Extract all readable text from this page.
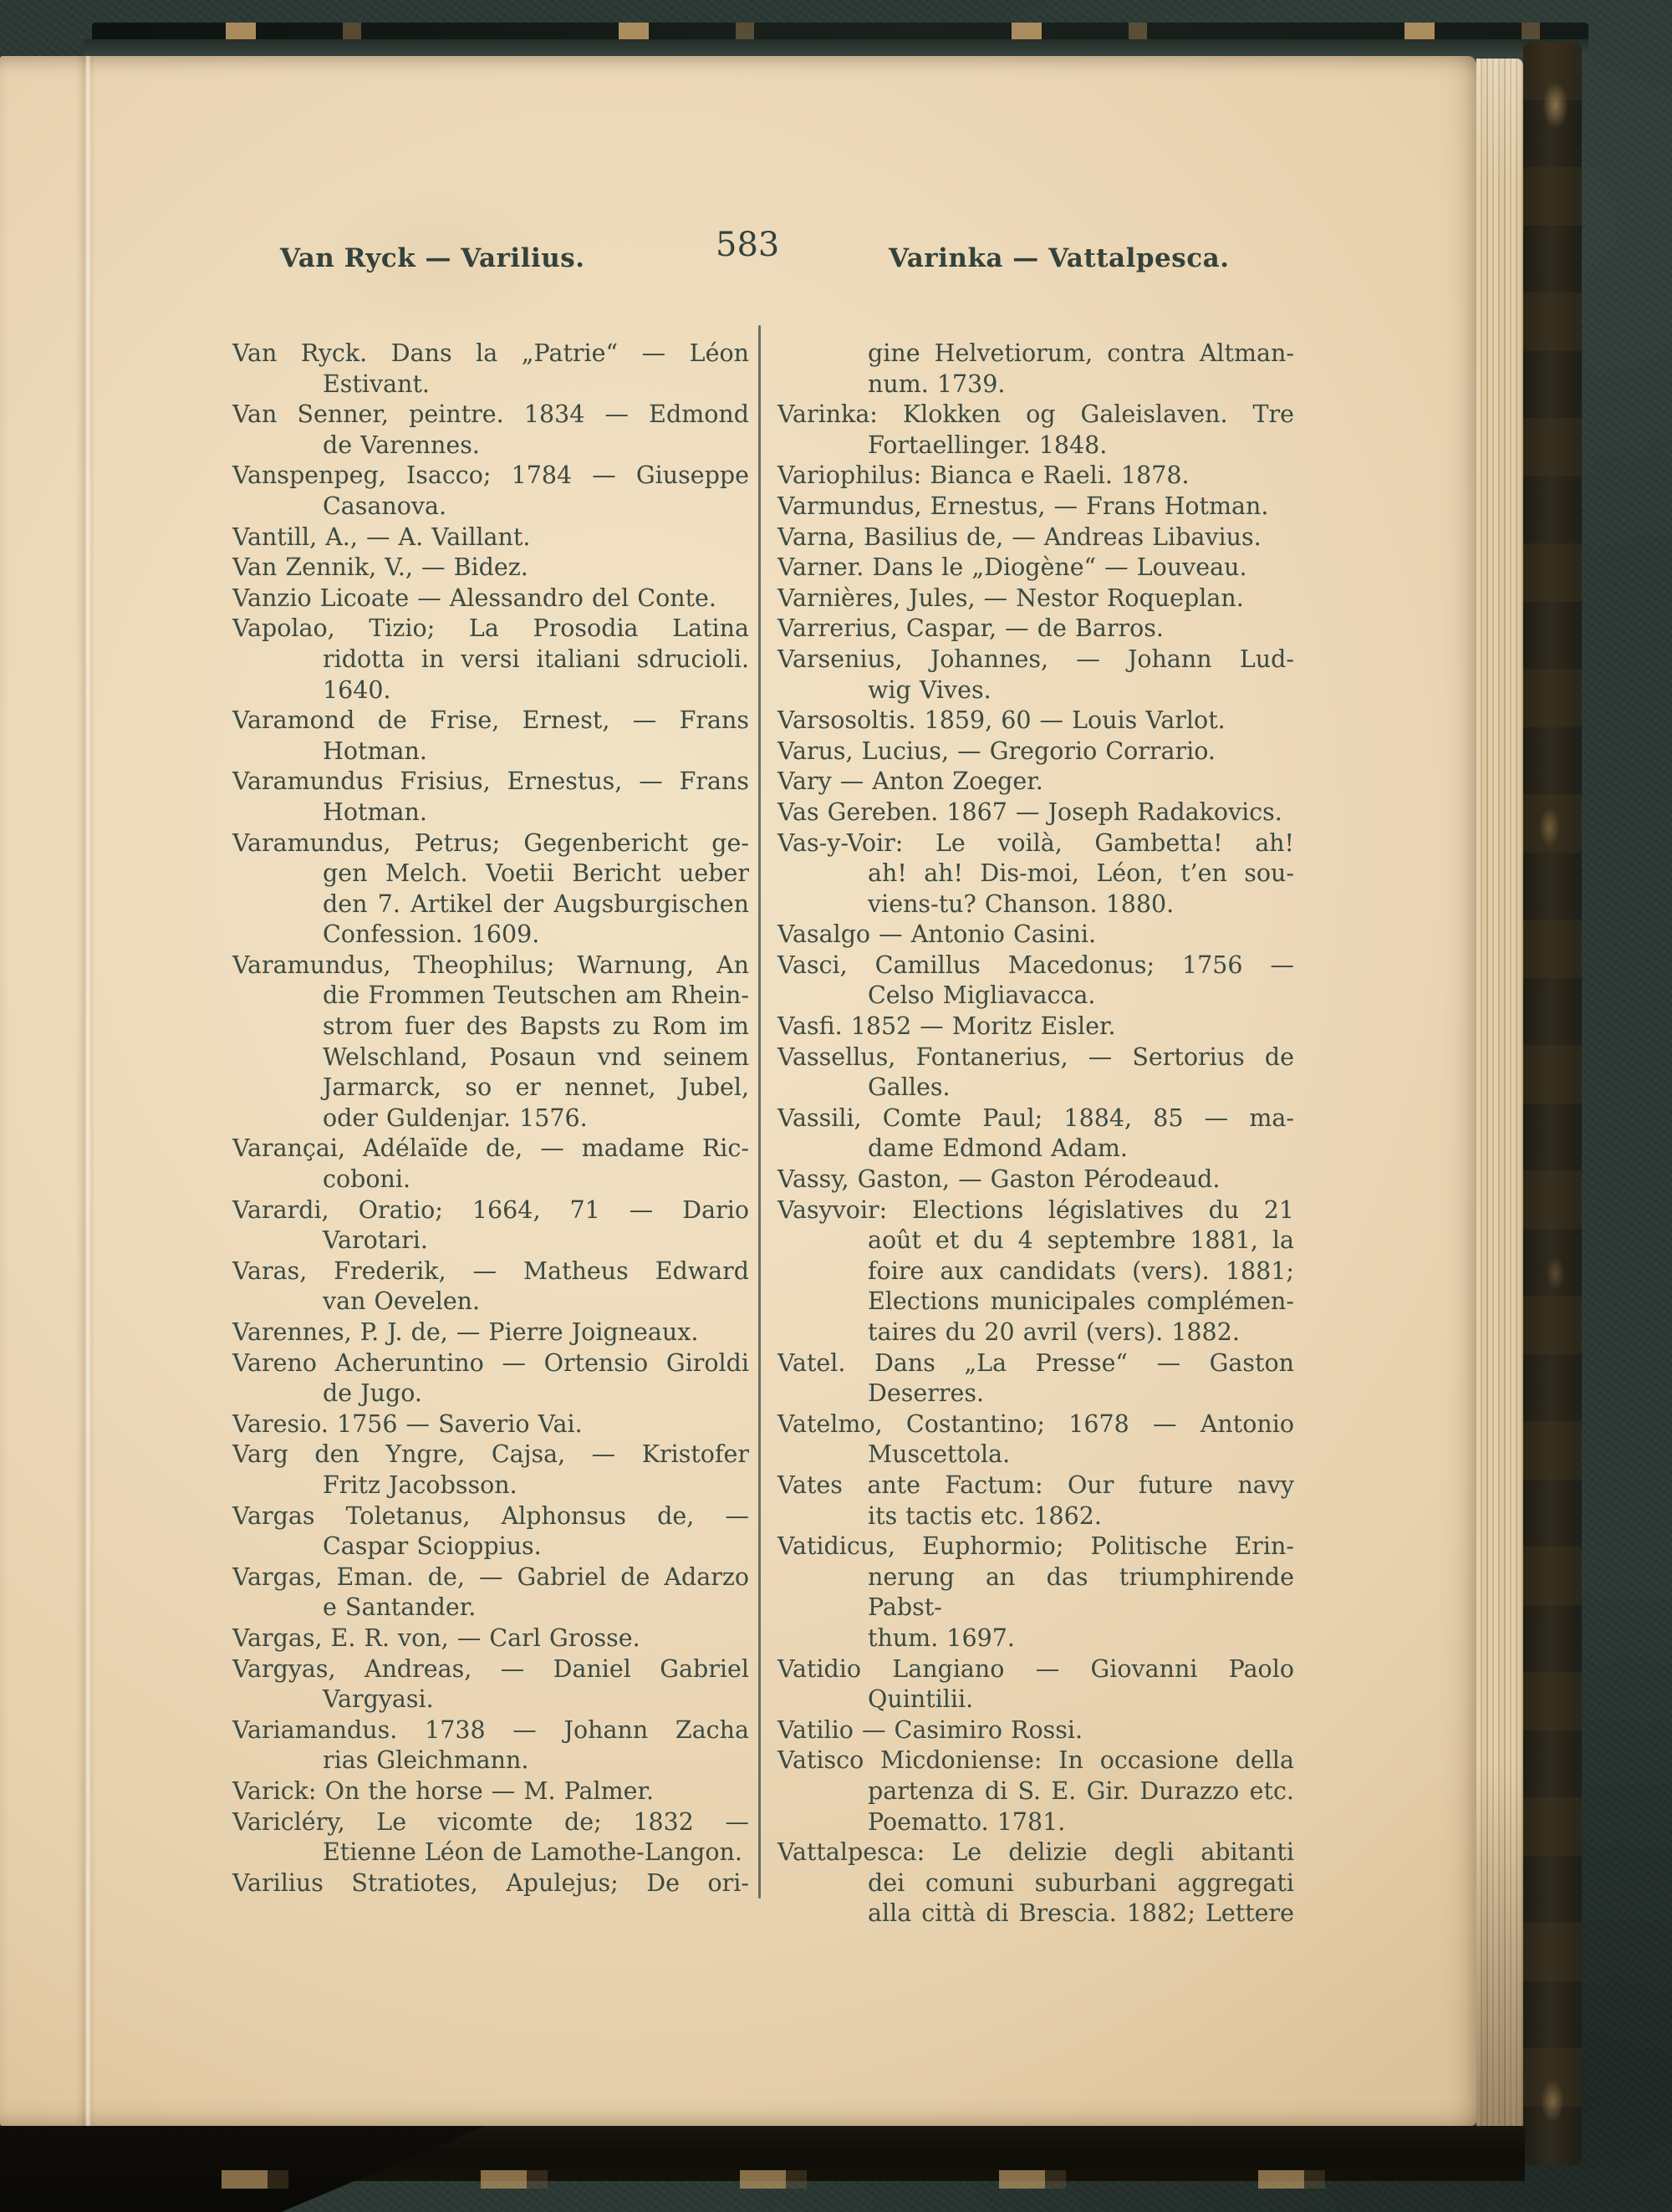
Van Ryck — Varilius.	583	Varinka — Vattalpesca.
Van Ryck. Dans la „Patrie“ — Léon
Estivant.
Van Senner, peintre. 1834 — Edmond
de Varennes.
Vanspenpeg, Isacco; 1784 — Giuseppe
Casanova.
Vantill, A., — A. Vaillant.
Van Zennik, V., — Bidez.
Vanzio Licoate — Alessandro del Conte.
Vapolao, Tizio; La Prosodia Latina
ridotta in versi italiani sdrucioli.
1640.
Varamond de Frise, Ernest, — Frans
Hotman.
Varamundus Frisius, Ernestus, — Frans
Hotman.
Varamundus, Petrus; Gegenbericht ge-
gen Melch. Voetii Bericht ueber
den 7. Artikel der Augsburgischen
Confession. 1609.
Varamundus, Theophilus; Warnung, An
die Frommen Teutschen am Rhein-
strom fuer des Bapsts zu Rom im
Welschland, Posaun vnd seinem
Jarmarck, so er nennet, Jubel,
oder Guldenjar. 1576.
Varançai, Adélaïde de, — madame Ric-
coboni.
Varardi, Oratio; 1664, 71 — Dario
Varotari.
Varas, Frederik, — Matheus Edward
van Oevelen.
Varennes, P. J. de, — Pierre Joigneaux.
Vareno Acheruntino — Ortensio Giroldi
de Jugo.
Varesio. 1756 — Saverio Vai.
Varg den Yngre, Cajsa, — Kristofer
Fritz Jacobsson.
Vargas Toletanus, Alphonsus de, —
Caspar Scioppius.
Vargas, Eman. de, — Gabriel de Adarzo
e Santander.
Vargas, E. R. von, — Carl Grosse.
Vargyas, Andreas, — Daniel Gabriel
Vargyasi.
Variamandus. 1738 — Johann Zacha
rias Gleichmann.
Varick: On the horse — M. Palmer.
Varicléry, Le vicomte de; 1832 —
Etienne Léon de Lamothe-Langon.
Varilius Stratiotes, Apulejus; De ori-
gine Helvetiorum, contra Altman-
num. 1739.
Varinka: Klokken og Galeislaven. Tre
Fortaellinger. 1848.
Variophilus: Bianca e Raeli. 1878.
Varmundus, Ernestus, — Frans Hotman.
Varna, Basilius de, — Andreas Libavius.
Varner. Dans le „Diogène“ — Louveau.
Varnières, Jules, — Nestor Roqueplan.
Varrerius, Caspar, — de Barros.
Varsenius, Johannes, — Johann Lud-
wig Vives.
Varsosoltis. 1859, 60 — Louis Varlot.
Varus, Lucius, — Gregorio Corrario.
Vary — Anton Zoeger.
Vas Gereben. 1867 — Joseph Radakovics.
Vas-y-Voir: Le voilà, Gambetta! ah!
ah! ah! Dis-moi, Léon, t’en sou-
viens-tu? Chanson. 1880.
Vasalgo — Antonio Casini.
Vasci, Camillus Macedonus; 1756 —
Celso Migliavacca.
Vasfi. 1852 — Moritz Eisler.
Vassellus, Fontanerius, — Sertorius de
Galles.
Vassili, Comte Paul; 1884, 85 — ma-
dame Edmond Adam.
Vassy, Gaston, — Gaston Pérodeaud.
Vasyvoir: Elections législatives du 21
août et du 4 septembre 1881, la
foire aux candidats (vers). 1881;
Elections municipales complémen-
taires du 20 avril (vers). 1882.
Vatel. Dans „La Presse“ — Gaston
Deserres.
Vatelmo, Costantino; 1678 — Antonio
Muscettola.
Vates ante Factum: Our future navy
its tactis etc. 1862.
Vatidicus, Euphormio; Politische Erin-
nerung an das triumphirende Pabst-
thum. 1697.
Vatidio Langiano — Giovanni Paolo
Quintilii.
Vatilio — Casimiro Rossi.
Vatisco Micdoniense: In occasione della
partenza di S. E. Gir. Durazzo etc.
Poematto. 1781.
Vattalpesca: Le delizie degli abitanti
dei comuni suburbani aggregati
alla città di Brescia. 1882; Lettere
